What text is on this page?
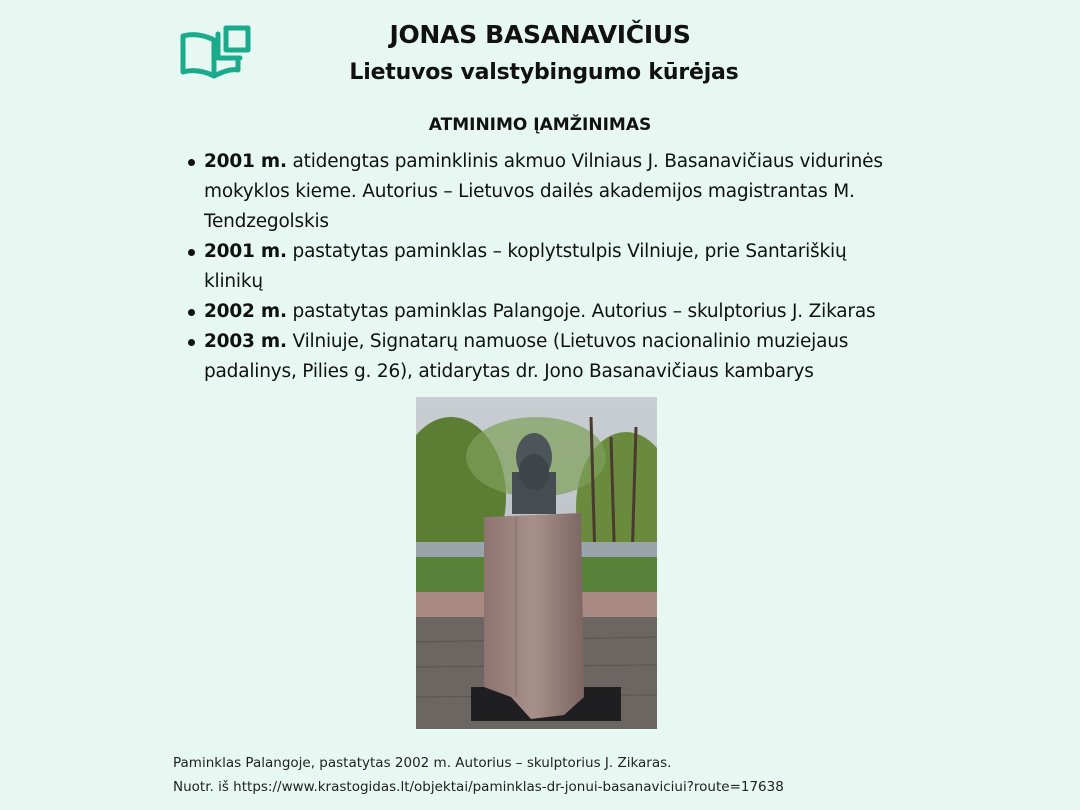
JONAS BASANAVIČIUS
Lietuvos valstybingumo kūrėjas
ATMINIMO ĮAMŽINIMAS
2001 m. atidengtas paminklinis akmuo Vilniaus J. Basanavičiaus vidurinės mokyklos kieme. Autorius – Lietuvos dailės akademijos magistrantas M. Tendzegolskis
2001 m. pastatytas paminklas – koplytstulpis Vilniuje, prie Santariškių klinikų
2002 m. pastatytas paminklas Palangoje. Autorius – skulptorius J. Zikaras
2003 m. Vilniuje, Signatarų namuose (Lietuvos nacionalinio muziejaus padalinys, Pilies g. 26), atidarytas dr. Jono Basanavičiaus kambarys
Paminklas Palangoje, pastatytas 2002 m. Autorius – skulptorius J. Zikaras.
Nuotr. iš https://www.krastogidas.lt/objektai/paminklas-dr-jonui-basanaviciui?route=17638
